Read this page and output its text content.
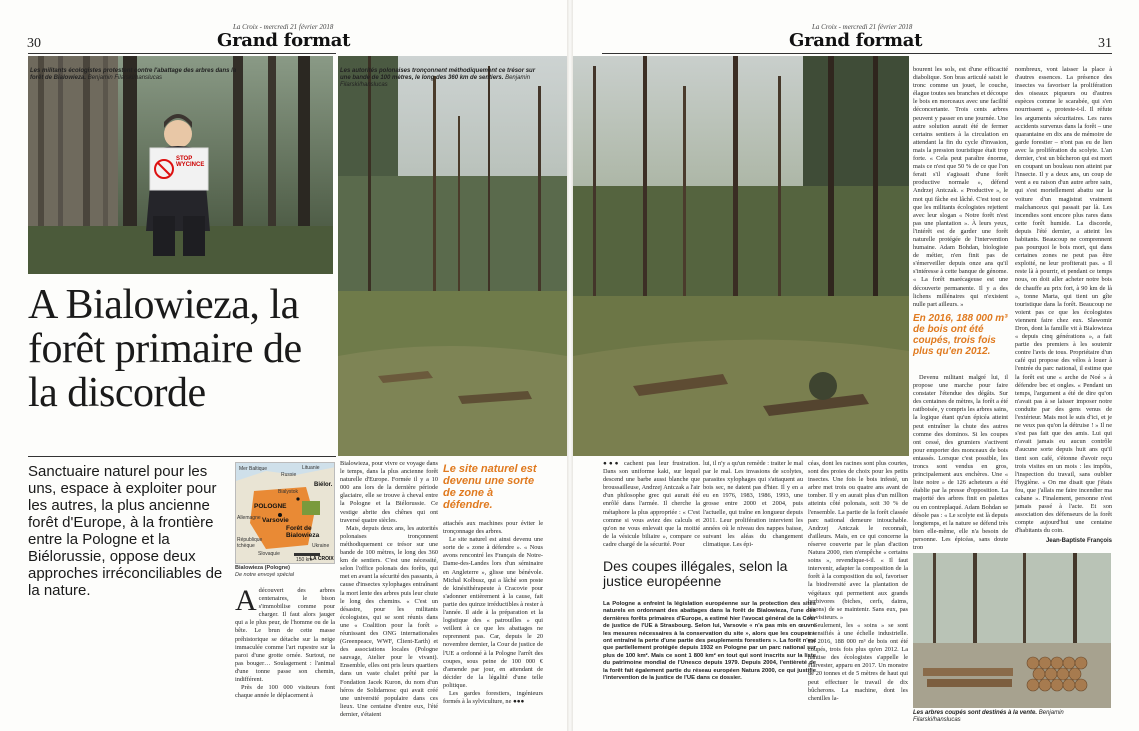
30
La Croix - mercredi 21 février 2018
Grand format
STOP WYCINCE
Les militants écologistes protestent contre l'abattage des arbres dans la forêt de Bialowieza. Benjamin Filarski/hanslucas
Les autorités polonaises tronçonnent méthodiquement ce trésor sur une bande de 100 mètres, le long des 360 km de sentiers. Benjamin Filarski/hanslucas
A Bialowieza, la forêt primaire de la discorde
Sanctuaire naturel pour les uns, espace à exploiter pour les autres, la plus ancienne forêt d'Europe, à la frontière entre la Pologne et la Biélorussie, oppose deux approches irréconciliables de la nature.
Mer Baltique	Lituanie
Russie
Biélor.
POLOGNE
Varsovie
Forêt de Bialowieza
Bialystok
Allemagne
République tchèque
Slovaquie
Ukraine
150 km
LA CROIX
Bialowieza (Pologne)
De notre envoyé spécial
A découvert des arbres centenaires, le bison s'immobilise comme pour charger. Il faut alors jauger qui a le plus peur, de l'homme ou de la bête. Le brun de cette masse préhistorique se détache sur la neige immaculée comme l'art rupestre sur la paroi d'une grotte ornée. Surtout, ne pas bouger… Soulagement : l'animal d'une tonne passe son chemin, indifférent.

Près de 100 000 visiteurs font chaque année le déplacement à

Bialowieza, pour vivre ce voyage dans le temps, dans la plus ancienne forêt naturelle d'Europe. Formée il y a 10 000 ans lors de la dernière période glaciaire, elle se trouve à cheval entre la Pologne et la Biélorussie. Ce vestige abrite des chênes qui ont traversé quatre siècles.

Mais, depuis deux ans, les autorités polonaises tronçonnent méthodiquement ce trésor sur une bande de 100 mètres, le long des 360 km de sentiers. C'est une nécessité, selon l'office polonais des forêts, qui met en avant la sécurité des passants, à cause d'insectes xylophages entraînant la mort lente des arbres puis leur chute le long des chemins. « C'est un désastre, pour les militants écologistes, qui se sont réunis dans une « Coalition pour la forêt » réunissant des ONG internationales (Greenpeace, WWF, Client-Earth) et des associations locales (Pologne sauvage, Atelier pour le vivant). Ensemble, elles ont pris leurs quartiers dans un vaste chalet prêté par la Fondation Jacek Kuron, du nom d'un héros de Solidarnosc qui avait créé une université populaire dans ces lieux. Une centaine d'entre eux, l'été dernier, s'étaient

Le site naturel est devenu une sorte de zone à défendre.

attachés aux machines pour éviter le tronçonnage des arbres.

Le site naturel est ainsi devenu une sorte de « zone à défendre ». « Nous avons rencontré les Français de Notre-Dame-des-Landes lors d'un séminaire en Angleterre », glisse une bénévole. Michal Kolbusz, qui a lâché son poste de kinésithérapeute à Cracovie pour s'adonner entièrement à la cause, fait partie des quinze irréductibles à rester à l'année. Il aide à la préparation et la logistique des « patrouilles » qui veillent à ce que les abattages ne reprennent pas. Car, depuis le 20 novembre dernier, la Cour de justice de l'UE a ordonné à la Pologne l'arrêt des coupes, sous peine de 100 000 € d'amende par jour, en attendant de décider de la légalité d'une telle politique.

Les gardes forestiers, ingénieurs formés à la sylviculture, ne ●●●

La Croix - mercredi 21 février 2018
Grand format	31

●●● cachent pas leur frustration. Dans son uniforme kaki, sur lequel descend une barbe aussi blanche que broussailleuse, Andrzej Antczak a l'air d'un philosophe grec qui aurait été enrôlé dans l'armée. Il cherche la métaphore la plus appropriée : « C'est comme si vous aviez des calculs et qu'on ne vous enlevait que la moitié de la vésicule biliaire », compare ce cadre chargé de la sécurité. Pour

lui, il n'y a qu'un remède : traiter le mal par le mal. Les invasions de scolytes, parasites xylophages qui s'attaquent au bois sec, ne datent pas d'hier. Il y en a eu en 1976, 1983, 1986, 1993, une grosse entre 2000 et 2004, puis l'actuelle, qui traîne en longueur depuis 2011. Leur prolifération intervient les années où le niveau des nappes baisse, suivant les aléas du changement climatique. Les épi-

céas, dont les racines sont plus courtes, sont des proies de choix pour les petits insectes. Une fois le bois infesté, un arbre met trois ou quatre ans avant de tomber. Il y en aurait plus d'un million atteints côté polonais, soit 30 % de l'ensemble. La partie de la forêt classée parc national demeure intouchable. Andrzej Antczak le reconnaît, d'ailleurs. Mais, en ce qui concerne la réserve couverte par le plan d'action Natura 2000, rien n'empêche « certains soins », revendique-t-il. « Il faut intervenir, adapter la composition de la forêt à la composition du sol, favoriser la biodiversité avec la plantation de végétaux qui permettent aux grands herbivores (biches, cerfs, daims, bisons) de se maintenir. Sans eux, pas de visiteurs. »

Seulement, les « soins » se sont intensifiés à une échelle industrielle. En 2016, 188 000 m³ de bois ont été coupés, trois fois plus qu'en 2012. La hantise des écologistes s'appelle le Harvester, apparu en 2017. Un monstre de 20 tonnes et de 5 mètres de haut qui peut effectuer le travail de dix bûcherons. La machine, dont les chenilles la-

Des coupes illégales, selon la justice européenne
La Pologne a enfreint la législation européenne sur la protection des sites naturels en ordonnant des abattages dans la forêt de Bialowieza, l'une des dernières forêts primaires d'Europe, a estimé hier l'avocat général de la Cour de justice de l'UE à Strasbourg. Selon lui, Varsovie « n'a pas mis en œuvre les mesures nécessaires à la conservation du site », alors que les coupes « ont entraîné la perte d'une partie des peuplements forestiers ». La forêt n'est que partiellement protégée depuis 1932 en Pologne par un parc national sur plus de 100 km². Mais ce sont 1 800 km² en tout qui sont inscrits sur la liste du patrimoine mondial de l'Unesco depuis 1979. Depuis 2004, l'entièreté de la forêt fait également partie du réseau européen Natura 2000, ce qui justifie l'intervention de la justice de l'UE dans ce dossier.

bourent les sols, est d'une efficacité diabolique. Son bras articulé saisit le tronc comme un jouet, le couche, élague toutes ses branches et découpe le bois en morceaux avec une facilité déconcertante. Trois cents arbres peuvent y passer en une journée. Une autre solution aurait été de fermer certains sentiers à la circulation en attendant la fin du cycle d'invasion, mais la pression touristique était trop forte. « Cela peut paraître énorme, mais ce n'est que 50 % de ce que l'on ferait s'il s'agissait d'une forêt productive normale », défend Andrzej Antczak. « Productive », le mot qui fâche est lâché. C'est tout ce que les militants écologistes rejettent avec leur slogan « Notre forêt n'est pas une plantation ». À leurs yeux, l'intérêt est de garder une forêt naturelle protégée de l'intervention humaine. Adam Bohdan, biologiste de métier, n'en finit pas de s'émerveiller depuis onze ans qu'il s'intéresse à cette banque de génome. « La forêt marécageuse est une découverte permanente. Il y a des lichens millénaires qui n'existent nulle part ailleurs. »

En 2016, 188 000 m³ de bois ont été coupés, trois fois plus qu'en 2012.

Devenu militant malgré lui, il propose une marche pour faire constater l'étendue des dégâts. Sur des centaines de mètres, la forêt a été ratiboisée, y compris les arbres sains, la logique étant qu'un épicéa atteint peut entraîner la chute des autres comme des dominos. Si les coupes ont cessé, des grumiers s'activent pour emporter des monceaux de bois entassés. Lorsque c'est possible, les troncs sont vendus en gros, principalement aux enchères. Une « liste noire » de 126 acheteurs a été établie par la presse d'opposition. La majorité des arbres finit en palettes ou en contreplaqué. Adam Bohdan se désole pas : « Le scolyte est là depuis longtemps, et la nature se défend très bien elle-même, elle n'a besoin de personne. Les épicéas, sans doute trop

nombreux, vont laisser la place à d'autres essences. La présence des insectes va favoriser la prolifération des oiseaux piqueurs ou d'autres espèces comme le scarabée, qui s'en nourrissent », proteste-t-il. Il réfute les arguments sécuritaires. Les rares accidents survenus dans la forêt – une quarantaine en dix ans de mémoire de garde forestier – n'ont pas eu de lien avec la prolifération du scolyte. L'an dernier, c'est un bûcheron qui est mort en coupant un bouleau non atteint par l'insecte. Il y a deux ans, un coup de vent a eu raison d'un autre arbre sain, qui s'est mortellement abattu sur la voiture d'un magistrat vraiment malchanceux qui passait par là. Les incendies sont encore plus rares dans cette forêt humide. La discorde, depuis l'été dernier, a atteint les habitants. Beaucoup ne comprennent pas pourquoi le bois mort, qui dans certaines zones ne peut pas être exploité, ne leur profiterait pas. « Il reste là à pourrir, et pendant ce temps nous, on doit aller acheter notre bois de chauffe au prix fort, à 90 km de là », tonne Marta, qui tient un gîte touristique dans la forêt. Beaucoup ne voient pas ce que les écologistes viennent faire chez eux. Slawomir Dron, dont la famille vit à Bialowieza « depuis cinq générations », a fait partie des premiers à les soutenir contre l'avis de tous. Propriétaire d'un café qui propose des vélos à louer à l'entrée du parc national, il estime que la forêt est une « arche de Noé » à défendre bec et ongles. « Pendant un temps, l'argument a été de dire qu'on n'avait pas à se laisser imposer notre conduite par des gens venus de l'extérieur. Mais moi le suis d'ici, et je ne veux pas qu'on la détruise ! » Il ne s'est pas fait que des amis. Lui qui n'avait jamais eu aucun contrôle d'aucune sorte depuis huit ans qu'il tient son café, s'étonne d'avoir reçu trois visites en un mois : les impôts, l'inspection du travail, sans oublier l'hygiène. « On me disait que j'étais fou, que j'allais me faire incendier ma cabane ». Finalement, personne n'est jamais passé à l'acte. Et son association des défenseurs de la forêt compte aujourd'hui une centaine d'habitants du coin.

Jean-Baptiste François
Les arbres coupés sont destinés à la vente. Benjamin Filarski/hanslucas
